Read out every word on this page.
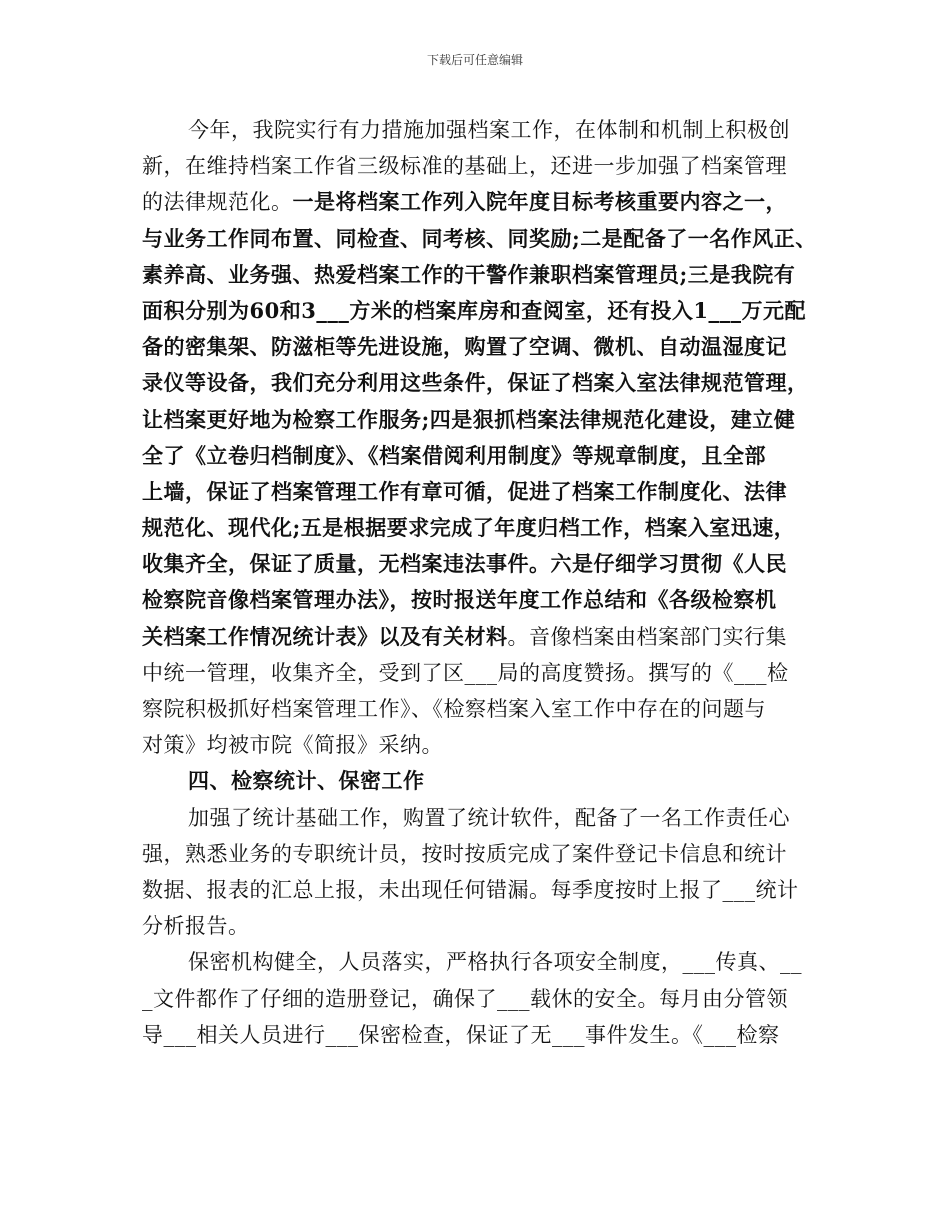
下载后可任意编辑
今年，我院实行有力措施加强档案工作，在体制和机制上积极创
新，在维持档案工作省三级标准的基础上，还进一步加强了档案管理
的法律规范化。一是将档案工作列入院年度目标考核重要内容之一，
与业务工作同布置、同检查、同考核、同奖励;二是配备了一名作风正、
素养高、业务强、热爱档案工作的干警作兼职档案管理员;三是我院有
面积分别为60和3___方米的档案库房和查阅室，还有投入1___万元配
备的密集架、防滋柜等先进设施，购置了空调、微机、自动温湿度记
录仪等设备，我们充分利用这些条件，保证了档案入室法律规范管理，
让档案更好地为检察工作服务;四是狠抓档案法律规范化建设，建立健
全了《立卷归档制度》、《档案借阅利用制度》等规章制度，且全部
上墙，保证了档案管理工作有章可循，促进了档案工作制度化、法律
规范化、现代化;五是根据要求完成了年度归档工作，档案入室迅速，
收集齐全，保证了质量，无档案违法事件。六是仔细学习贯彻《人民
检察院音像档案管理办法》，按时报送年度工作总结和《各级检察机
关档案工作情况统计表》以及有关材料。音像档案由档案部门实行集
中统一管理，收集齐全，受到了区___局的高度赞扬。撰写的《___检
察院积极抓好档案管理工作》、《检察档案入室工作中存在的问题与
对策》均被市院《简报》采纳。
四、检察统计、保密工作
加强了统计基础工作，购置了统计软件，配备了一名工作责任心
强，熟悉业务的专职统计员，按时按质完成了案件登记卡信息和统计
数据、报表的汇总上报，未出现任何错漏。每季度按时上报了___统计
分析报告。
保密机构健全，人员落实，严格执行各项安全制度，___传真、__
_文件都作了仔细的造册登记，确保了___载休的安全。每月由分管领
导___相关人员进行___保密检查，保证了无___事件发生。《___检察
